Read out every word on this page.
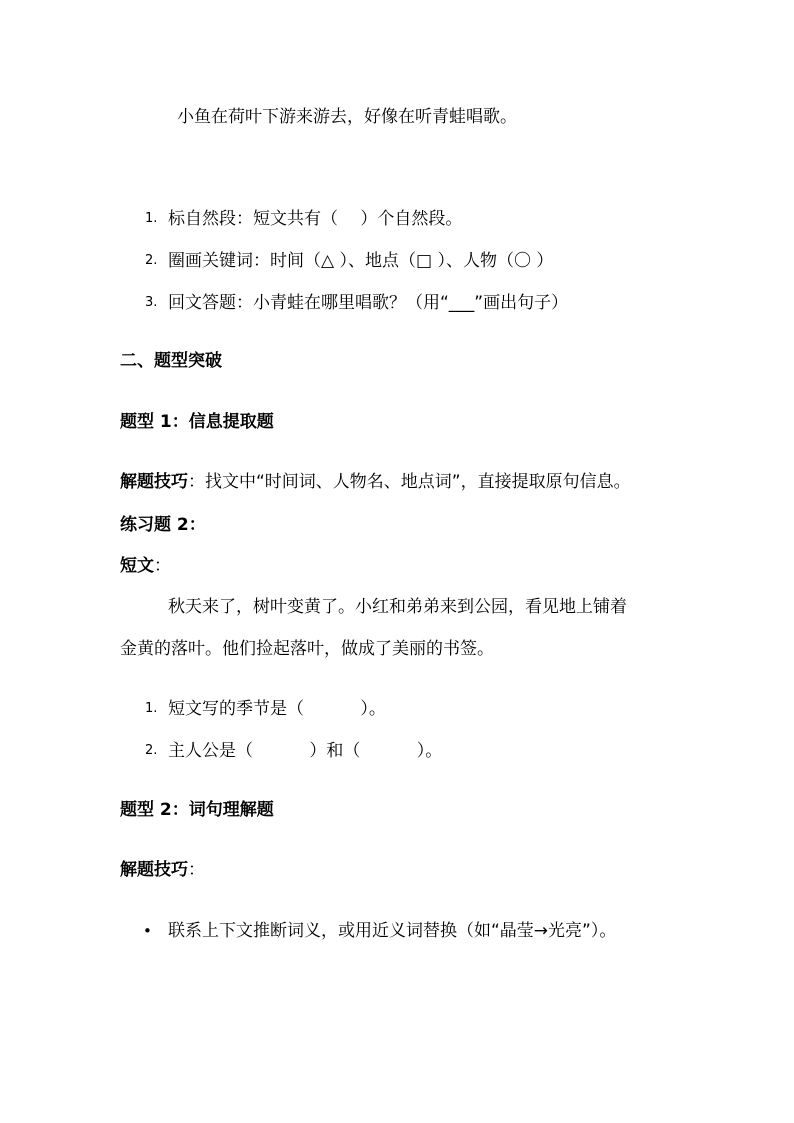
小鱼在荷叶下游来游去，好像在听青蛙唱歌。
1. 标自然段：短文共有（　 ）个自然段。
2. 圈画关键词：时间（△ ）、地点（□ ）、人物（〇 ）
3. 回文答题：小青蛙在哪里唱歌？（用“___”画出句子）
二、题型突破
题型 1：信息提取题
解题技巧：找文中“时间词、人物名、地点词”，直接提取原句信息。
练习题 2：
短文：
秋天来了，树叶变黄了。小红和弟弟来到公园，看见地上铺着
金黄的落叶。他们捡起落叶，做成了美丽的书签。
1. 短文写的季节是（　　　 ）。
2. 主人公是（　　　 ）和（　　　 ）。
题型 2：词句理解题
解题技巧：
• 联系上下文推断词义，或用近义词替换（如“晶莹→光亮”）。
